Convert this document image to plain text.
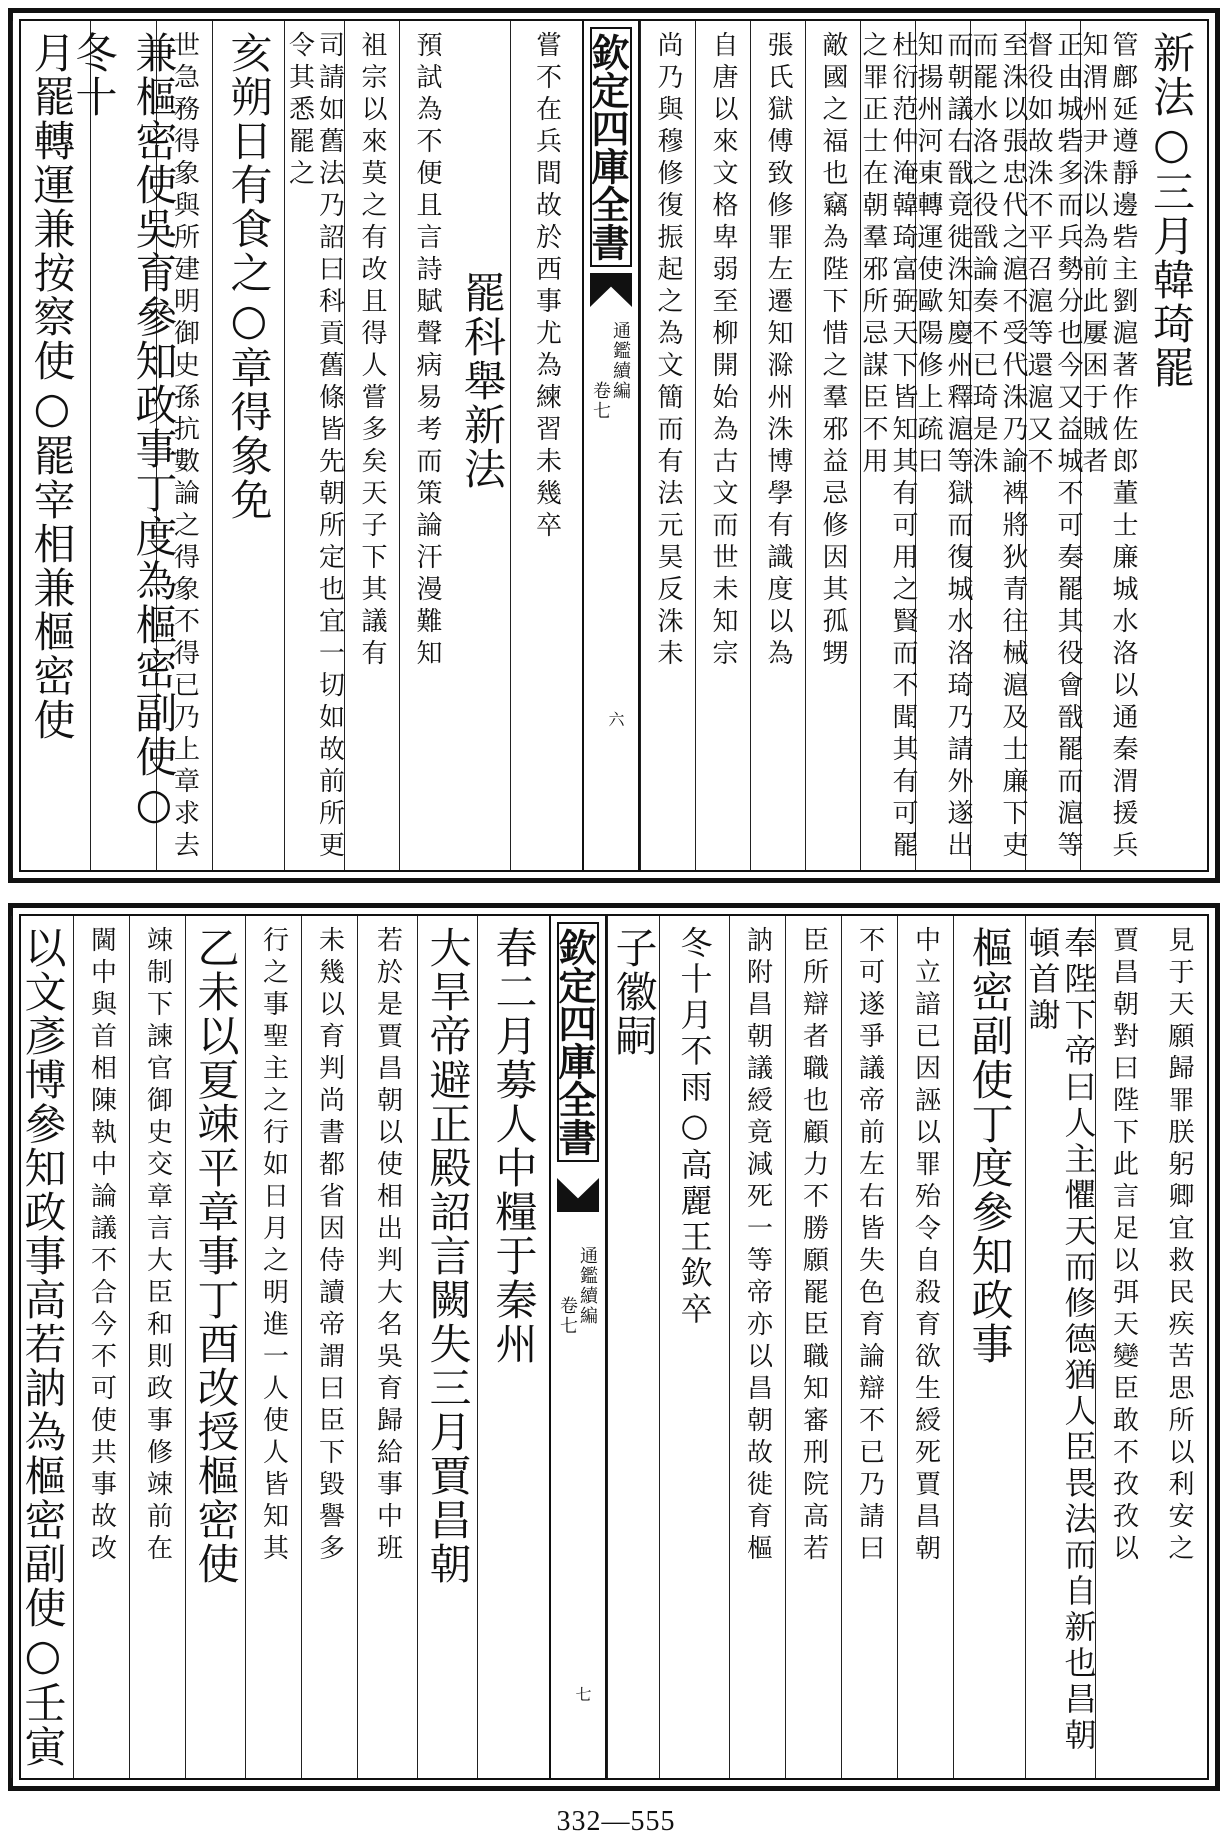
新法○三月韓琦罷
管鄜延遵靜邊砦主劉滬著作佐郎董士廉城水洛以通秦渭援兵知渭州尹洙以為前此屢困于賊者
正由城砦多而兵勢分也今又益城不可奏罷其役會戩罷而滬等督役如故洙不平召滬等還滬又不
至洙以張忠代之滬不受代洙乃諭裨將狄青往械滬及士廉下吏而罷水洛之役戩論奏不已琦是洙
而朝議右戩竟徙洙知慶州釋滬等獄而復城水洛琦乃請外遂出知揚州河東轉運使歐陽修上疏曰
杜衍范仲淹韓琦富弼天下皆知其有可用之賢而不聞其有可罷之罪正士在朝羣邪所忌謀臣不用
敵國之福也竊為陛下惜之羣邪益忌修因其孤甥
張氏獄傅致修罪左遷知滁州洙博學有識度以為
自唐以來文格卑弱至柳開始為古文而世未知宗
尚乃與穆修復振起之為文簡而有法元昊反洙未
欽定四庫全書
通鑑續編
卷七
六
嘗不在兵間故於西事尤為練習未幾卒
罷科舉新法
預試為不便且言詩賦聲病易考而策論汗漫難知
祖宗以來莫之有改且得人嘗多矣天子下其議有
司請如舊法乃詔曰科貢舊條皆先朝所定也宜一切如故前所更令其悉罷之
亥朔日有食之○章得象免
世急務得象與所建明御史孫抗數論之得象不得已乃上章求去
兼樞密使吳育參知政事丁度為樞密副使○冬十
月罷轉運兼按察使○罷宰相兼樞密使
見于天願歸罪朕躬卿宜救民疾苦思所以利安之
賈昌朝對曰陛下此言足以弭天變臣敢不孜孜以
奉陛下帝曰人主懼天而修德猶人臣畏法而自新也昌朝頓首謝
樞密副使丁度參知政事
中立諳已因誣以罪殆令自殺育欲生綬死賈昌朝
不可遂爭議帝前左右皆失色育論辯不已乃請曰
臣所辯者職也顧力不勝願罷臣職知審刑院高若
訥附昌朝議綬竟減死一等帝亦以昌朝故徙育樞
冬十月不雨○高麗王欽卒
子徽嗣
欽定四庫全書
通鑑續編
卷七
七
春二月募人中糧于秦州
大旱帝避正殿詔言闕失三月賈昌朝
若於是賈昌朝以使相出判大名吳育歸給事中班
未幾以育判尚書都省因侍讀帝謂曰臣下毀譽多
行之事聖主之行如日月之明進一人使人皆知其
乙未以夏竦平章事丁酉改授樞密使
竦制下諫官御史交章言大臣和則政事修竦前在
閫中與首相陳執中論議不合今不可使共事故改
以文彥博參知政事高若訥為樞密副使○壬寅
332—555
